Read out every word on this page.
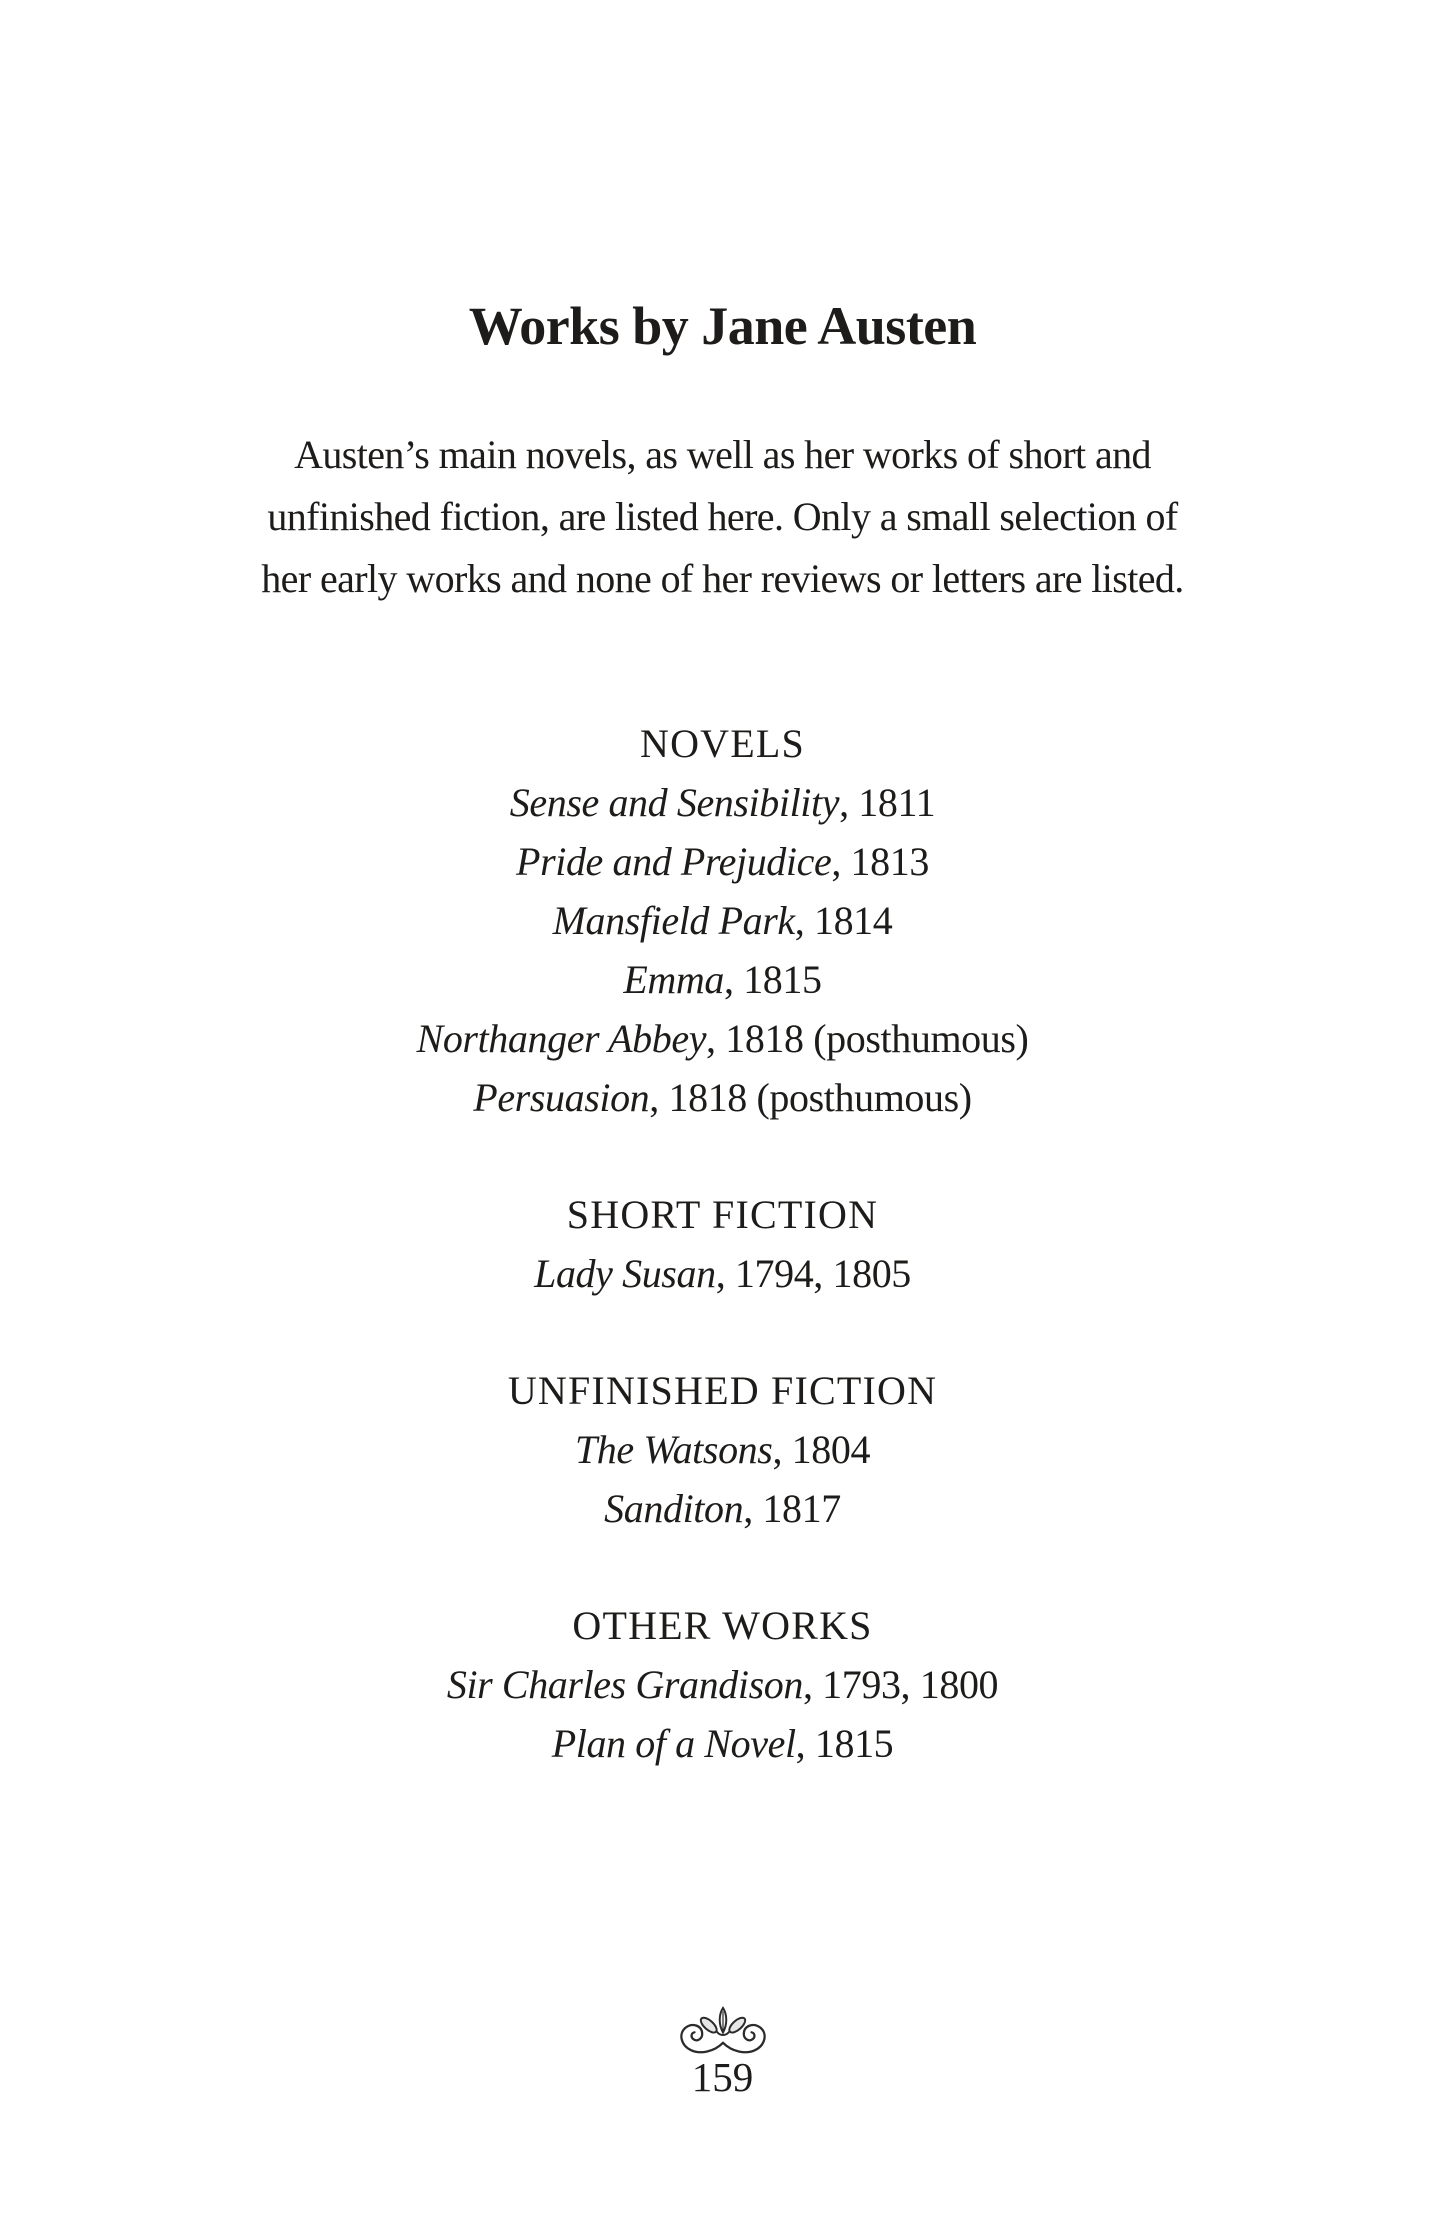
Works by Jane Austen
Austen’s main novels, as well as her works of short and
unfinished fiction, are listed here. Only a small selection of
her early works and none of her reviews or letters are listed.
NOVELS
Sense and Sensibility, 1811
Pride and Prejudice, 1813
Mansfield Park, 1814
Emma, 1815
Northanger Abbey, 1818 (posthumous)
Persuasion, 1818 (posthumous)
SHORT FICTION
Lady Susan, 1794, 1805
UNFINISHED FICTION
The Watsons, 1804
Sanditon, 1817
OTHER WORKS
Sir Charles Grandison, 1793, 1800
Plan of a Novel, 1815
159
